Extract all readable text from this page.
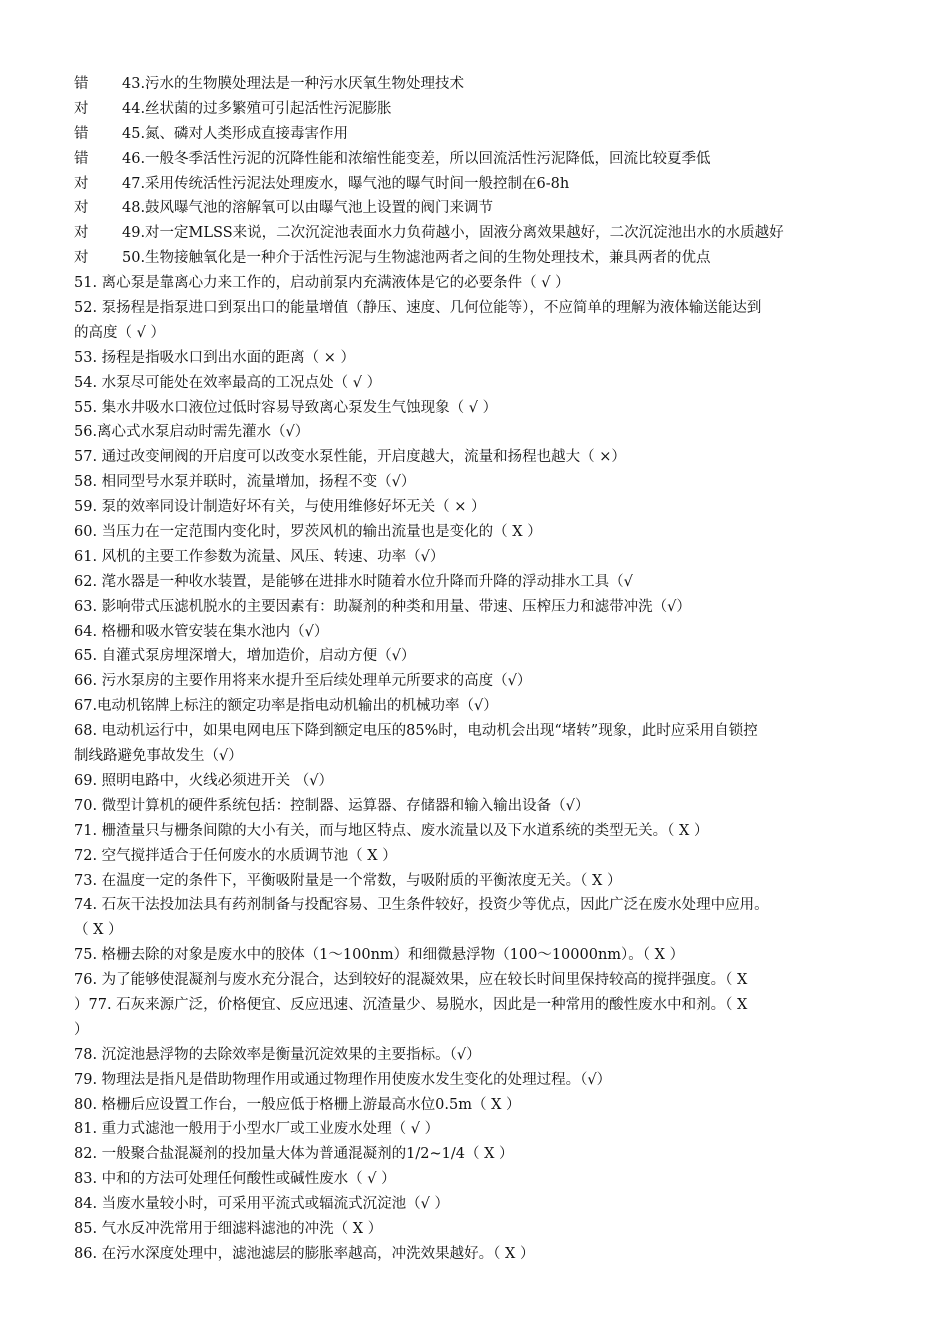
错 43.污水的生物膜处理法是一种污水厌氧生物处理技术
对 44.丝状菌的过多繁殖可引起活性污泥膨胀
错 45.氮、磷对人类形成直接毒害作用
错 46.一般冬季活性污泥的沉降性能和浓缩性能变差，所以回流活性污泥降低，回流比较夏季低
对 47.采用传统活性污泥法处理废水，曝气池的曝气时间一般控制在6-8h
对 48.鼓风曝气池的溶解氧可以由曝气池上设置的阀门来调节
对 49.对一定MLSS来说，二次沉淀池表面水力负荷越小，固液分离效果越好，二次沉淀池出水的水质越好
对 50.生物接触氧化是一种介于活性污泥与生物滤池两者之间的生物处理技术，兼具两者的优点
51. 离心泵是靠离心力来工作的，启动前泵内充满液体是它的必要条件（ √ ）
52. 泵扬程是指泵进口到泵出口的能量增值（静压、速度、几何位能等），不应简单的理解为液体输送能达到
的高度（ √ ）
53. 扬程是指吸水口到出水面的距离（ × ）
54. 水泵尽可能处在效率最高的工况点处（ √ ）
55. 集水井吸水口液位过低时容易导致离心泵发生气蚀现象（ √ ）
56.离心式水泵启动时需先灌水（√）
57. 通过改变闸阀的开启度可以改变水泵性能，开启度越大，流量和扬程也越大（ ×）
58. 相同型号水泵并联时，流量增加，扬程不变（√）
59. 泵的效率同设计制造好坏有关，与使用维修好坏无关（ × ）
60. 当压力在一定范围内变化时，罗茨风机的输出流量也是变化的（ X ）
61. 风机的主要工作参数为流量、风压、转速、功率（√）
62. 滗水器是一种收水装置，是能够在进排水时随着水位升降而升降的浮动排水工具（√
63. 影响带式压滤机脱水的主要因素有：助凝剂的种类和用量、带速、压榨压力和滤带冲洗（√）
64. 格栅和吸水管安装在集水池内（√）
65. 自灌式泵房埋深增大，增加造价，启动方便（√）
66. 污水泵房的主要作用将来水提升至后续处理单元所要求的高度（√）
67.电动机铭牌上标注的额定功率是指电动机输出的机械功率（√）
68. 电动机运行中，如果电网电压下降到额定电压的85%时，电动机会出现“堵转”现象，此时应采用自锁控
制线路避免事故发生（√）
69. 照明电路中，火线必须进开关 （√）
70. 微型计算机的硬件系统包括：控制器、运算器、存储器和输入输出设备（√）
71. 栅渣量只与栅条间隙的大小有关，而与地区特点、废水流量以及下水道系统的类型无关。（ X ）
72. 空气搅拌适合于任何废水的水质调节池（ X ）
73. 在温度一定的条件下，平衡吸附量是一个常数，与吸附质的平衡浓度无关。（ X ）
74. 石灰干法投加法具有药剂制备与投配容易、卫生条件较好，投资少等优点，因此广泛在废水处理中应用。
（ X ）
75. 格栅去除的对象是废水中的胶体（1～100nm）和细微悬浮物（100～10000nm）。（ X ）
76. 为了能够使混凝剂与废水充分混合，达到较好的混凝效果，应在较长时间里保持较高的搅拌强度。（ X
）77. 石灰来源广泛，价格便宜、反应迅速、沉渣量少、易脱水，因此是一种常用的酸性废水中和剂。（ X
）
78. 沉淀池悬浮物的去除效率是衡量沉淀效果的主要指标。（√）
79. 物理法是指凡是借助物理作用或通过物理作用使废水发生变化的处理过程。（√）
80. 格栅后应设置工作台，一般应低于格栅上游最高水位0.5m（ X ）
81. 重力式滤池一般用于小型水厂或工业废水处理（ √ ）
82. 一般聚合盐混凝剂的投加量大体为普通混凝剂的1/2~1/4（ X ）
83. 中和的方法可处理任何酸性或碱性废水（ √ ）
84. 当废水量较小时，可采用平流式或辐流式沉淀池（√ ）
85. 气水反冲洗常用于细滤料滤池的冲洗（ X ）
86. 在污水深度处理中，滤池滤层的膨胀率越高，冲洗效果越好。（ X ）
